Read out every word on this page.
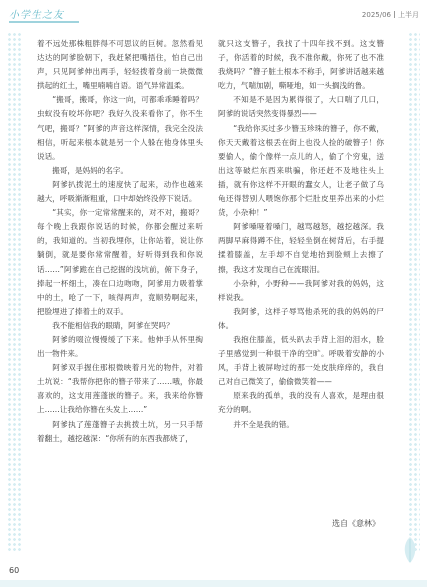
小学生之友	2025/06 上半月

着不远处那株粗胖得不可思议的巨树。忽然看见达达的阿爹脸朝下，我赶紧把嘴捂住，怕自己出声，只见阿爹伸出两手，轻轻拨着身前一块微微拱起的红土，嘴里喃喃自语。语气异常温柔。

“搬哥，搬哥，你这一向，可都乖乖睡着吗？虫蚁没有咬坏你吧？我好久没来看你了，你不生气吧，搬哥？”阿爹的声音这样深情，我完全没法相信，听起来根本就是另一个人躲在他身体里头说话。

搬哥，是妈妈的名字。

阿爹扒拨泥土的速度快了起来，动作也越来越大，呼吸渐渐粗重，口中却始终没停下说话。

“其实，你一定常常醒来的，对不对，搬哥？每个晚上我跟你说话的时候，你都会醒过来听的，我知道的。当初我埋你，让你站着，说让你躺倒，就是要你常常醒着，好听得到我和你说话……”阿爹跪在自己挖掘的浅坑前，俯下身子，捧起一杯细土，凑在口边吻吻，阿爹用力吸着掌中的土，呛了一下，咳得两声，竟顺势啊起来，把脸埋进了捧着土的双手。

我不能相信我的眼睛，阿爹在哭吗？

阿爹的啜泣慢慢缓了下来。他伸手从怀里掏出一物件来。

阿爹双手握住那根微映着月光的物件，对着土坑说：“我帮你把你的簪子带来了……哦，你最喜欢的，这支用莲蓬嵌的簪子。来，我来给你簪上……让我给你簪在头发上……”

阿爹执了莲蓬簪子去挑拨土坑，另一只手帮着翻土，越挖越深：“你所有的东西我都烧了，

就只这支簪子，我找了十四年找不到。这支簪子，你活着的时候，我不准你戴，你死了也不准我烧吗？”簪子脏土根本不称手，阿爹讲话越来越吃力，气喘加剧，嘶哑地，如一头搁浅的鲁。

不知是不是因为累得很了，大口喘了几口，阿爹的说话突然变得暴烈——

“我给你买过多少簪玉珍珠的簪子，你不戴，你天天戴着这根丢在街上也没人捡的破簪子！你要偷人，偷个像样一点儿的人，偷了个穷鬼，送出这等破烂东西来哄骗，你还赶不及地往头上插，就有你这样不开眼的蠢女人，让老子做了乌龟还得替别人喂饱你那个烂肚皮里养出来的小烂货，小杂种！”

阿爹嗓哑着嗓门，越骂越怒，越挖越深。我两脚早麻得蹲不住，轻轻坐倒在树背后，右手提揉着膝盖，左手却不自觉地抬到脸颊上去擦了擦，我这才发现自己在流眼泪。

小杂种，小野种——我阿爹对我的妈妈，这样说我。

我阿爹，这样子辱骂他杀死的我的妈妈的尸体。

我抱住膝盖，低头趴去手背上泪的泪水，脸子里感觉到一种很干净的空旷。呼吸着安静的小风，手背上被屏吻过的那一处皮肤痒痒的，我自己对自己微笑了，偷偷微笑着——

原来我的孤单，我的没有人喜欢，是理由很充分的啊。

并不全是我的错。

选自《意林》
60
